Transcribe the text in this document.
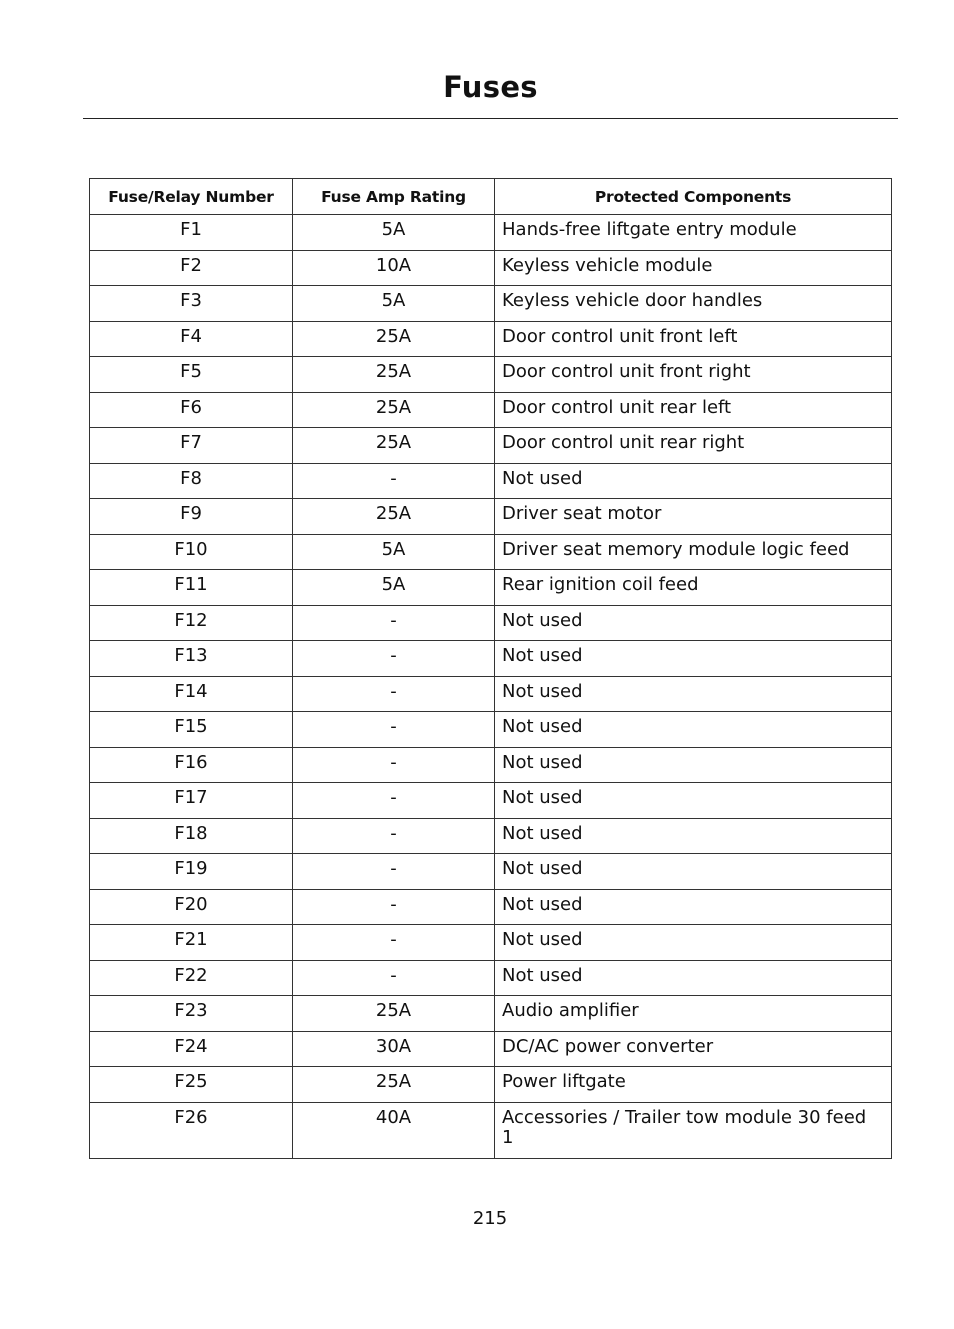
Fuses
Fuse/Relay Number	Fuse Amp Rating	Protected Components
F1	5A	Hands-free liftgate entry module
F2	10A	Keyless vehicle module
F3	5A	Keyless vehicle door handles
F4	25A	Door control unit front left
F5	25A	Door control unit front right
F6	25A	Door control unit rear left
F7	25A	Door control unit rear right
F8	-	Not used
F9	25A	Driver seat motor
F10	5A	Driver seat memory module logic feed
F11	5A	Rear ignition coil feed
F12	-	Not used
F13	-	Not used
F14	-	Not used
F15	-	Not used
F16	-	Not used
F17	-	Not used
F18	-	Not used
F19	-	Not used
F20	-	Not used
F21	-	Not used
F22	-	Not used
F23	25A	Audio amplifier
F24	30A	DC/AC power converter
F25	25A	Power liftgate
F26	40A	Accessories / Trailer tow module 30 feed 1
215
